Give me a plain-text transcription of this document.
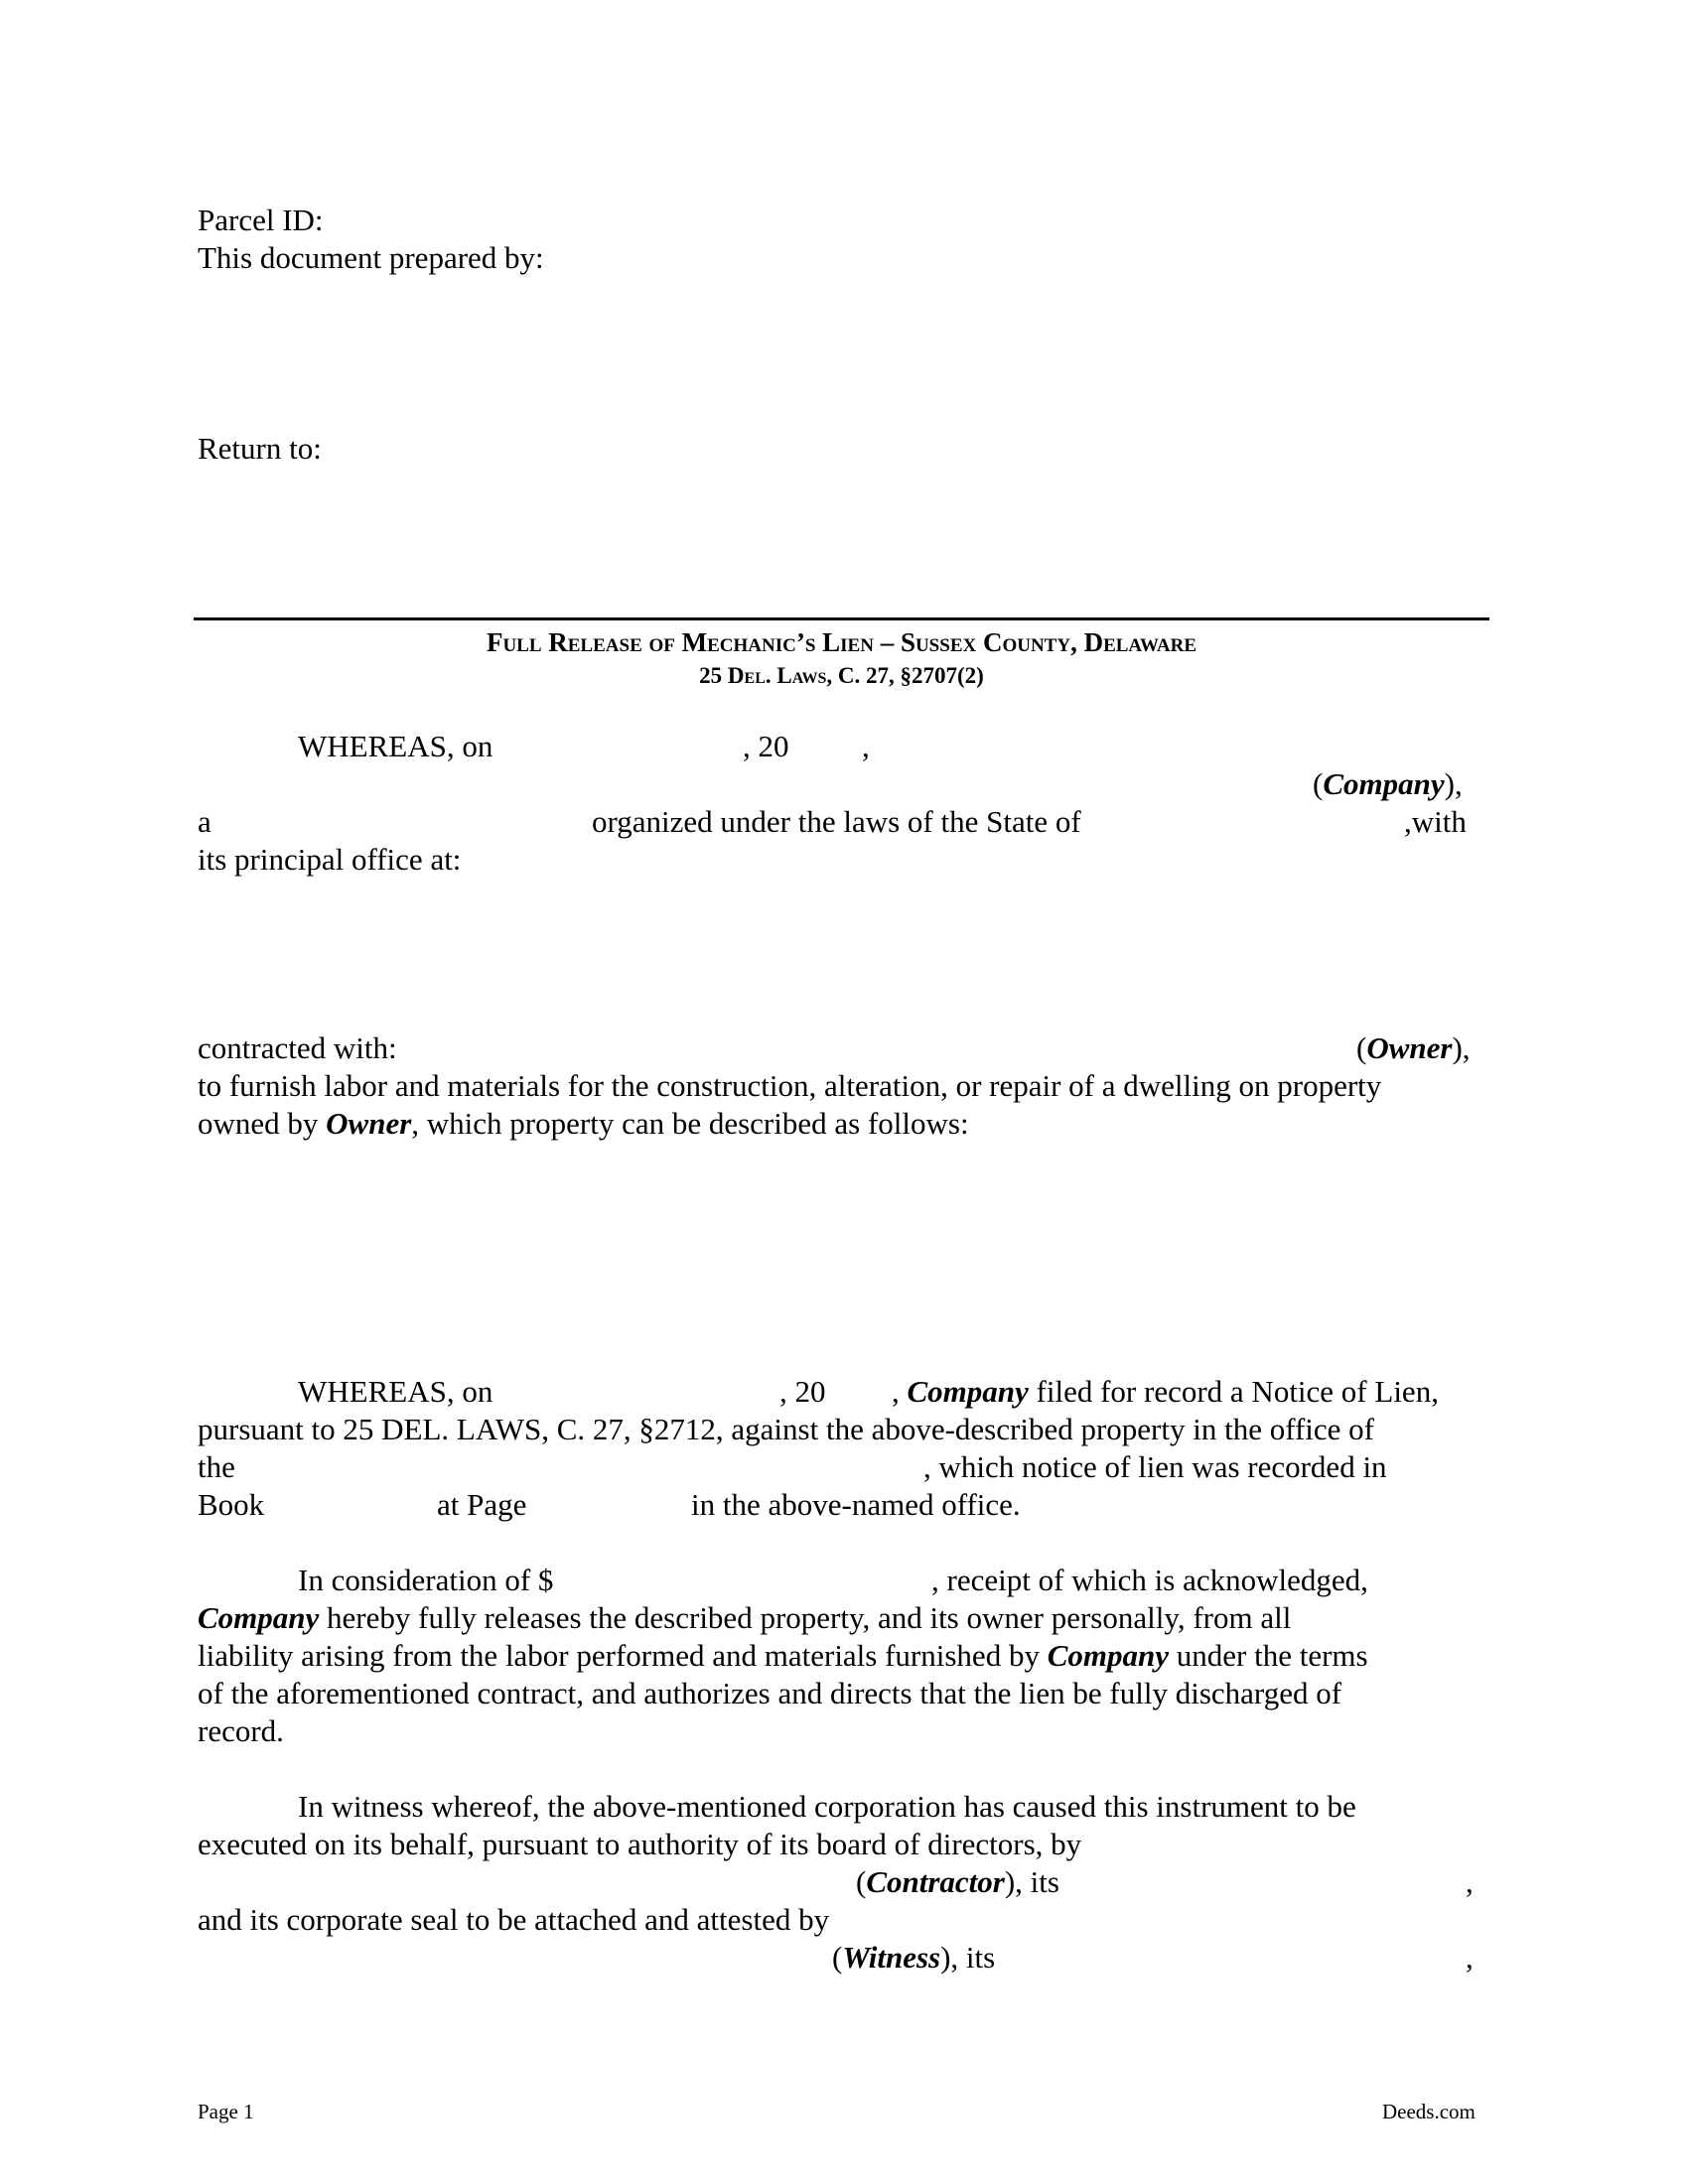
Parcel ID:
This document prepared by:
Return to:
Full Release of Mechanic’s Lien – Sussex County, Delaware
25 Del. Laws, C. 27, §2707(2)
WHEREAS, on	, 20 ,
(Company),
a	organized under the laws of the State of	,with
its principal office at:
contracted with:	(Owner),
to furnish labor and materials for the construction, alteration, or repair of a dwelling on property
owned by Owner, which property can be described as follows:
WHEREAS, on	, 20 , Company filed for record a Notice of Lien,
pursuant to 25 DEL. LAWS, C. 27, §2712, against the above-described property in the office of
the	, which notice of lien was recorded in
Book	at Page	in the above-named office.
In consideration of $	, receipt of which is acknowledged,
Company hereby fully releases the described property, and its owner personally, from all
liability arising from the labor performed and materials furnished by Company under the terms
of the aforementioned contract, and authorizes and directs that the lien be fully discharged of
record.
In witness whereof, the above-mentioned corporation has caused this instrument to be
executed on its behalf, pursuant to authority of its board of directors, by
(Contractor), its	,
and its corporate seal to be attached and attested by
(Witness), its	,
Page 1	Deeds.com
